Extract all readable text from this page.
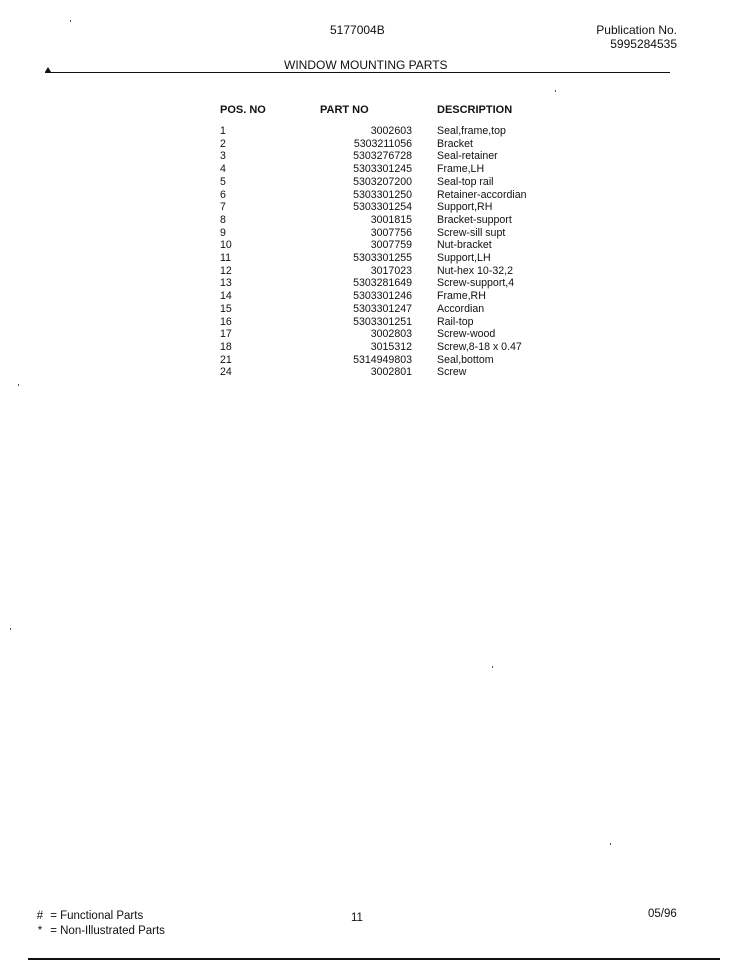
5177004B	Publication No.
5995284535
WINDOW MOUNTING PARTS
POS. NO	PART NO	DESCRIPTION
1	3002603	Seal,frame,top
2	5303211056	Bracket
3	5303276728	Seal-retainer
4	5303301245	Frame,LH
5	5303207200	Seal-top rail
6	5303301250	Retainer-accordian
7	5303301254	Support,RH
8	3001815	Bracket-support
9	3007756	Screw-sill supt
10	3007759	Nut-bracket
11	5303301255	Support,LH
12	3017023	Nut-hex 10-32,2
13	5303281649	Screw-support,4
14	5303301246	Frame,RH
15	5303301247	Accordian
16	5303301251	Rail-top
17	3002803	Screw-wood
18	3015312	Screw,8-18 x 0.47
21	5314949803	Seal,bottom
24	3002801	Screw
# = Functional Parts
* = Non-Illustrated Parts
11	05/96
